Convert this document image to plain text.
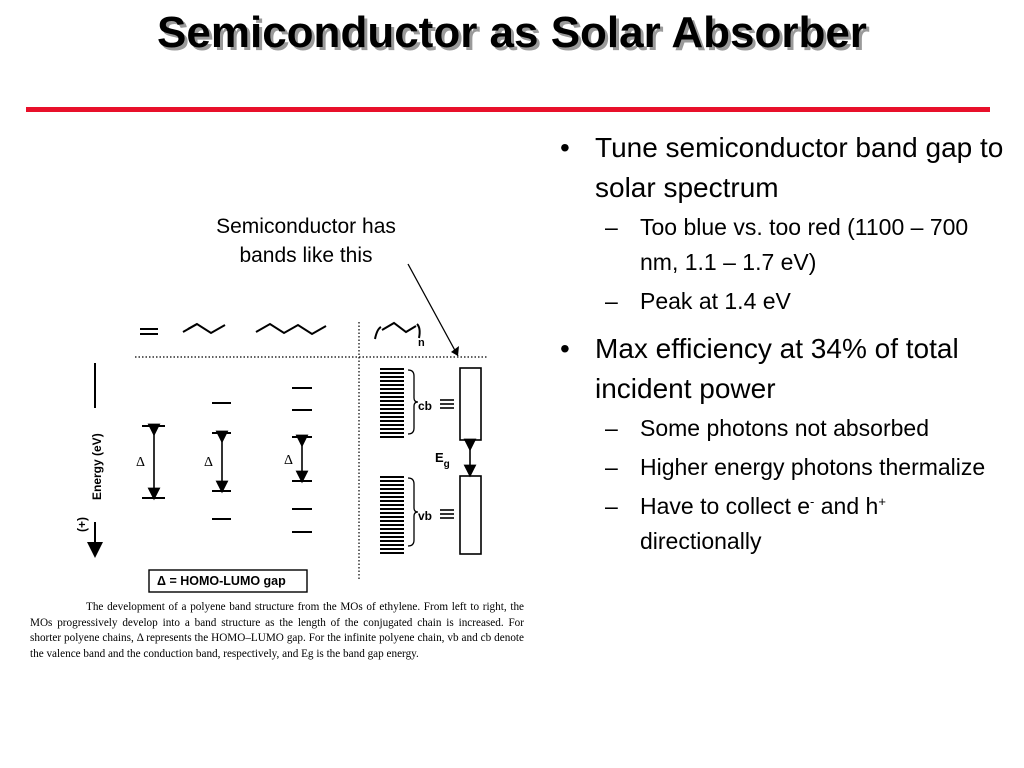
Semiconductor as Solar Absorber
• Tune semiconductor band gap to solar spectrum
– Too blue vs. too red (1100 – 700 nm, 1.1 – 1.7 eV)
– Peak at 1.4 eV
• Max efficiency at 34% of total incident power
– Some photons not absorbed
– Higher energy photons thermalize
– Have to collect e- and h+ directionally
Semiconductor has bands like this
n
Energy (eV)
(+)
Δ	Δ	Δ
cb
vb
$E_g$
Δ = HOMO-LUMO gap
The development of a polyene band structure from the MOs of ethylene. From left to right, the MOs progressively develop into a band structure as the length of the conjugated chain is increased. For shorter polyene chains, Δ represents the HOMO–LUMO gap. For the infinite polyene chain, vb and cb denote the valence band and the conduction band, respectively, and Eg is the band gap energy.
